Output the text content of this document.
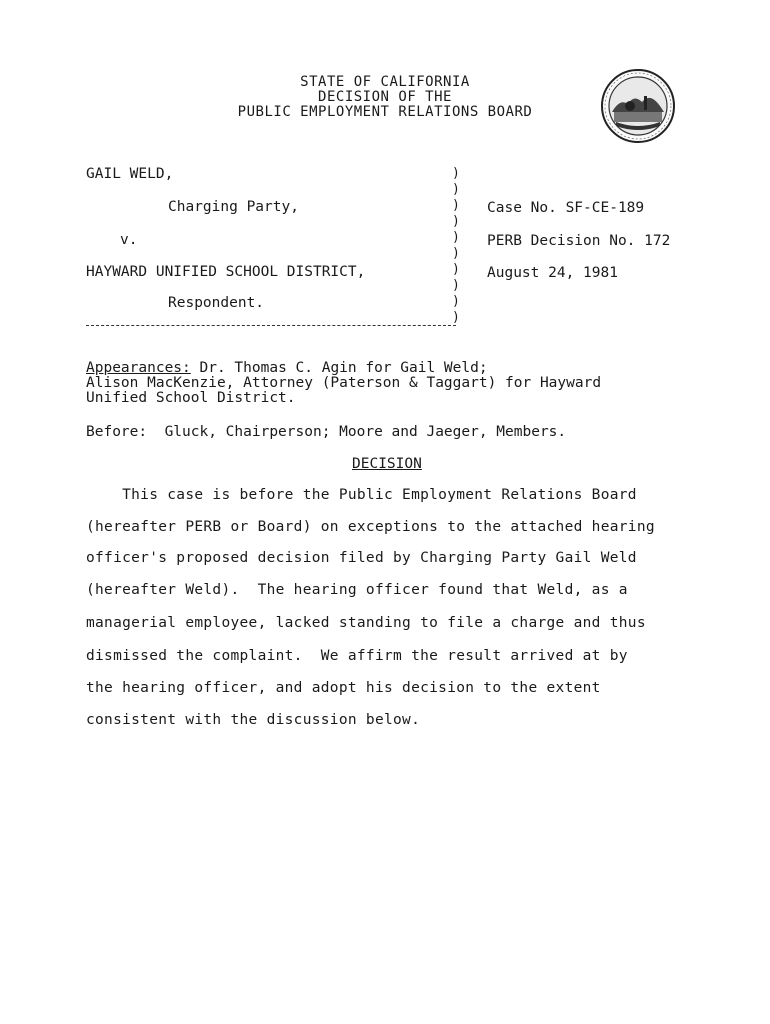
STATE OF CALIFORNIA
DECISION OF THE
PUBLIC EMPLOYMENT RELATIONS BOARD
GAIL WELD,
Charging Party,
v.
HAYWARD UNIFIED SCHOOL DISTRICT,
Respondent.
)
)
)
)
)
)
)
)
)
)
Case No. SF-CE-189
PERB Decision No. 172
August 24, 1981
Appearances: Dr. Thomas C. Agin for Gail Weld;
Alison MacKenzie, Attorney (Paterson & Taggart) for Hayward
Unified School District.
Before:  Gluck, Chairperson; Moore and Jaeger, Members.
DECISION
This case is before the Public Employment Relations Board
(hereafter PERB or Board) on exceptions to the attached hearing
officer's proposed decision filed by Charging Party Gail Weld
(hereafter Weld).  The hearing officer found that Weld, as a
managerial employee, lacked standing to file a charge and thus
dismissed the complaint.  We affirm the result arrived at by
the hearing officer, and adopt his decision to the extent
consistent with the discussion below.
